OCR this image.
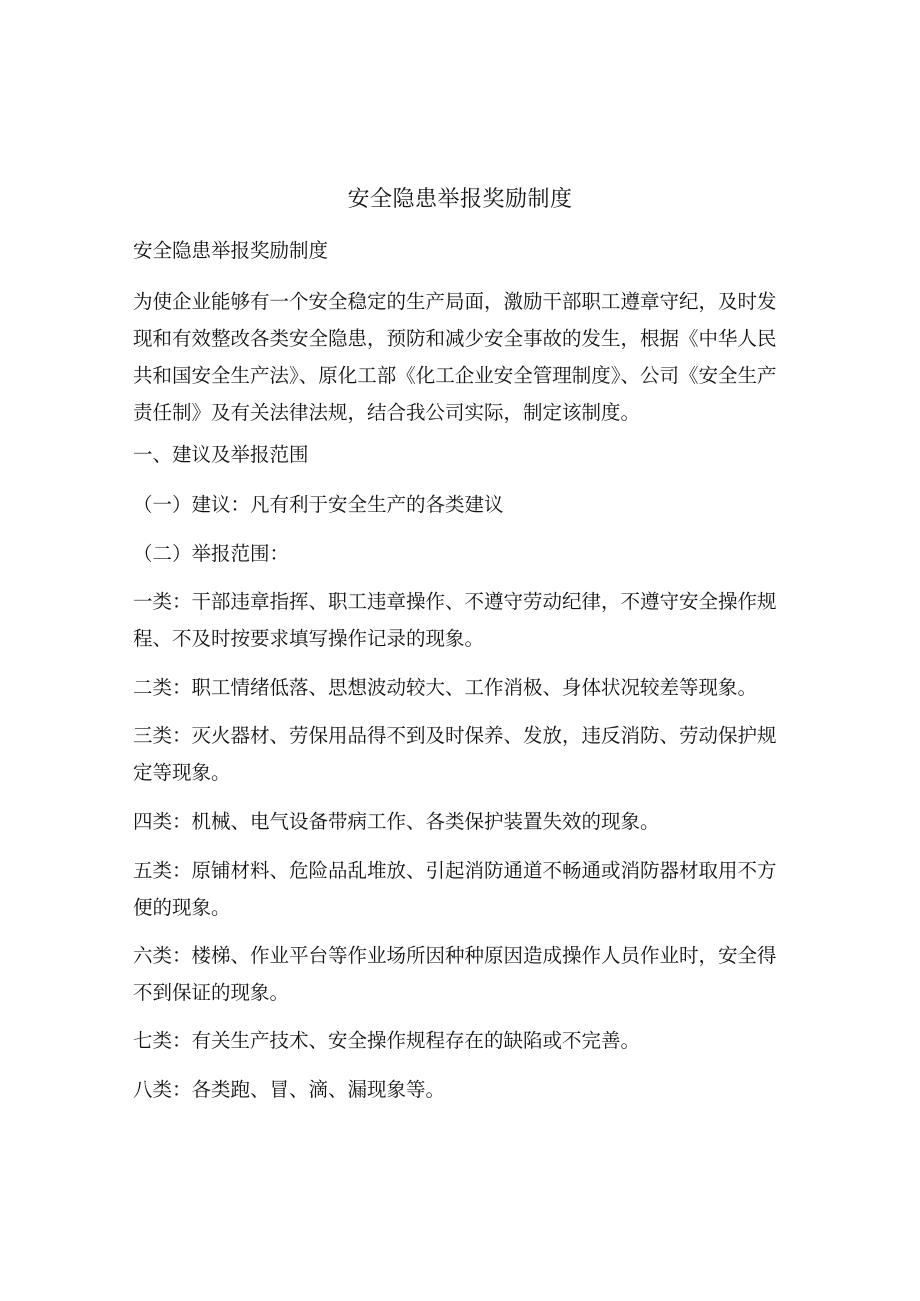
安全隐患举报奖励制度

安全隐患举报奖励制度

为使企业能够有一个安全稳定的生产局面，激励干部职工遵章守纪，及时发现和有效整改各类安全隐患，预防和减少安全事故的发生，根据《中华人民共和国安全生产法》、原化工部《化工企业安全管理制度》、公司《安全生产责任制》及有关法律法规，结合我公司实际，制定该制度。

一、建议及举报范围

（一）建议：凡有利于安全生产的各类建议

（二）举报范围：

一类：干部违章指挥、职工违章操作、不遵守劳动纪律，不遵守安全操作规程、不及时按要求填写操作记录的现象。

二类：职工情绪低落、思想波动较大、工作消极、身体状况较差等现象。

三类：灭火器材、劳保用品得不到及时保养、发放，违反消防、劳动保护规定等现象。

四类：机械、电气设备带病工作、各类保护装置失效的现象。

五类：原铺材料、危险品乱堆放、引起消防通道不畅通或消防器材取用不方便的现象。

六类：楼梯、作业平台等作业场所因种种原因造成操作人员作业时，安全得不到保证的现象。

七类：有关生产技术、安全操作规程存在的缺陷或不完善。

八类：各类跑、冒、滴、漏现象等。
